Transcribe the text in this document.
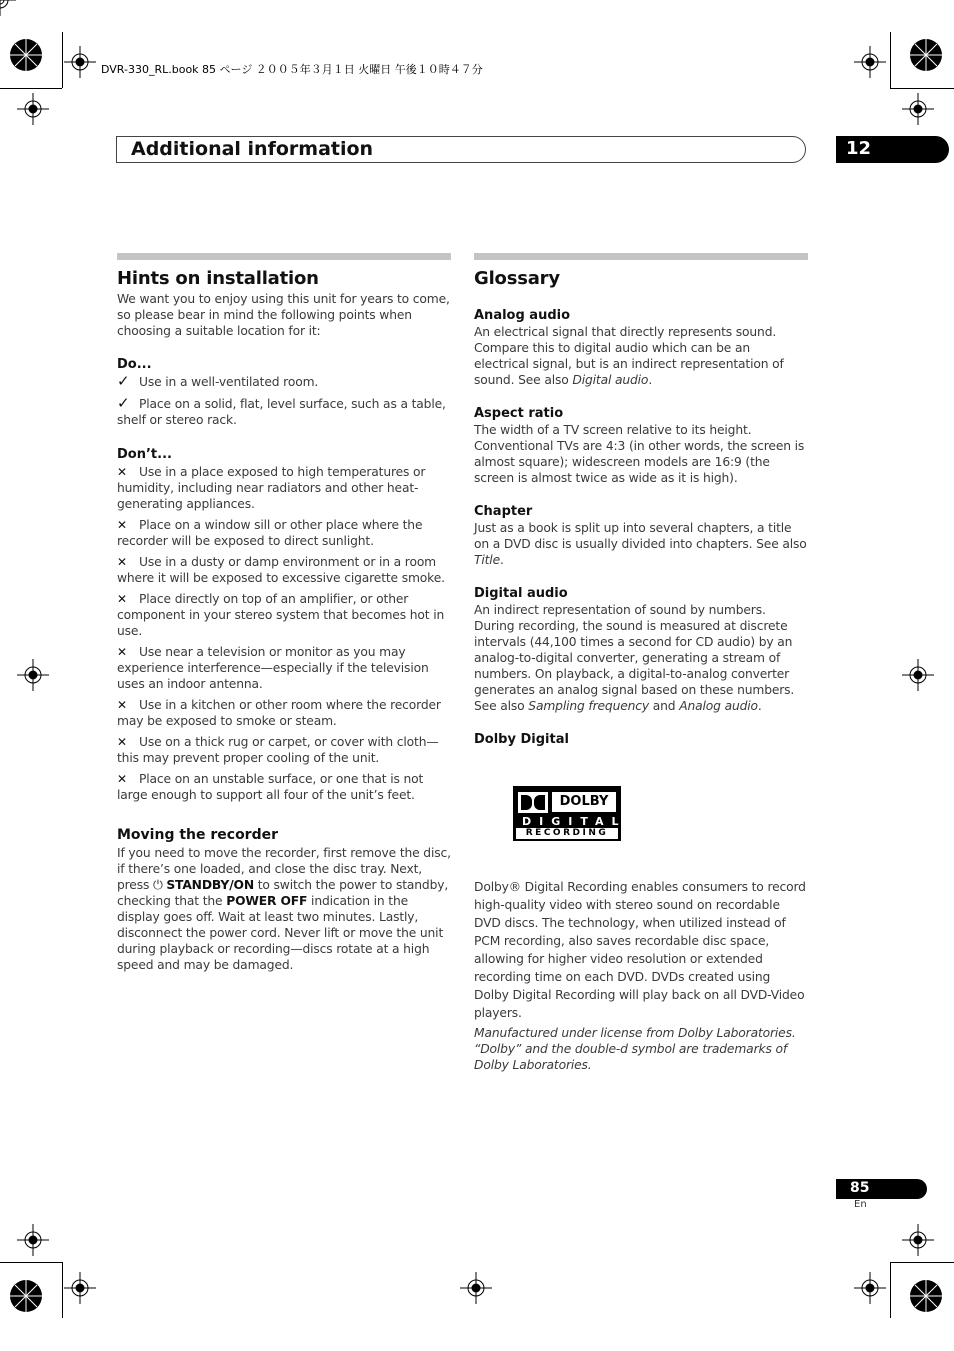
DVR-330_RL.book 85 ページ ２００５年３月１日 火曜日 午後１０時４７分
Additional information	12
Hints on installation

We want you to enjoy using this unit for years to come, so please bear in mind the following points when choosing a suitable location for it:

Do...

✓ Use in a well-ventilated room.

✓ Place on a solid, flat, level surface, such as a table, shelf or stereo rack.

Don’t...

✕ Use in a place exposed to high temperatures or humidity, including near radiators and other heat-generating appliances.

✕ Place on a window sill or other place where the recorder will be exposed to direct sunlight.

✕ Use in a dusty or damp environment or in a room where it will be exposed to excessive cigarette smoke.

✕ Place directly on top of an amplifier, or other component in your stereo system that becomes hot in use.

✕ Use near a television or monitor as you may experience interference—especially if the television uses an indoor antenna.

✕ Use in a kitchen or other room where the recorder may be exposed to smoke or steam.

✕ Use on a thick rug or carpet, or cover with cloth—this may prevent proper cooling of the unit.

✕ Place on an unstable surface, or one that is not large enough to support all four of the unit’s feet.

Moving the recorder

If you need to move the recorder, first remove the disc, if there’s one loaded, and close the disc tray. Next, press ⏻ STANDBY/ON to switch the power to standby, checking that the POWER OFF indication in the display goes off. Wait at least two minutes. Lastly, disconnect the power cord. Never lift or move the unit during playback or recording—discs rotate at a high speed and may be damaged.

Glossary
Analog audio

An electrical signal that directly represents sound. Compare this to digital audio which can be an electrical signal, but is an indirect representation of sound. See also Digital audio.

Aspect ratio

The width of a TV screen relative to its height. Conventional TVs are 4:3 (in other words, the screen is almost square); widescreen models are 16:9 (the screen is almost twice as wide as it is high).

Chapter

Just as a book is split up into several chapters, a title on a DVD disc is usually divided into chapters. See also Title.

Digital audio

An indirect representation of sound by numbers. During recording, the sound is measured at discrete intervals (44,100 times a second for CD audio) by an analog-to-digital converter, generating a stream of numbers. On playback, a digital-to-analog converter generates an analog signal based on these numbers. See also Sampling frequency and Analog audio.

Dolby Digital
DOLBY
DIGITAL
RECORDING

Dolby® Digital Recording enables consumers to record high-quality video with stereo sound on recordable DVD discs. The technology, when utilized instead of PCM recording, also saves recordable disc space, allowing for higher video resolution or extended recording time on each DVD. DVDs created using Dolby Digital Recording will play back on all DVD-Video players.

Manufactured under license from Dolby Laboratories. “Dolby” and the double-d symbol are trademarks of Dolby Laboratories.

85
En
